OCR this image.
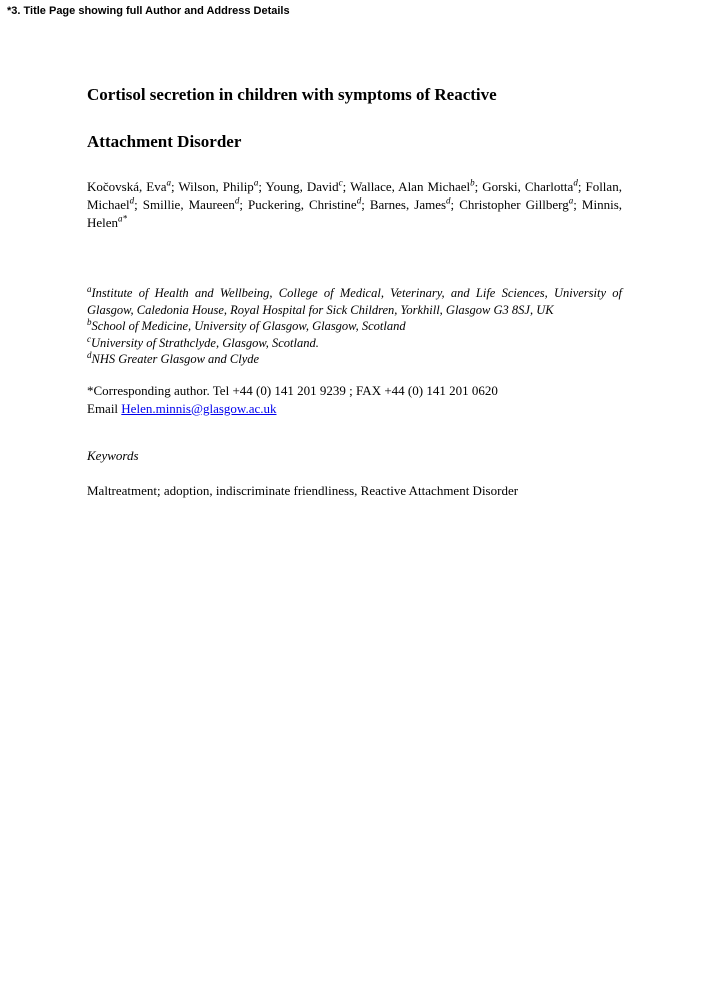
*3. Title Page showing full Author and Address Details

Cortisol secretion in children with symptoms of Reactive

Attachment Disorder

Kočovská, Eva$^a$; Wilson, Philip$^a$; Young, David$^c$; Wallace, Alan Michael$^b$; Gorski, Charlotta$^d$; Follan, Michael$^d$; Smillie, Maureen$^d$; Puckering, Christine$^d$; Barnes, James$^d$; Christopher Gillberg$^a$; Minnis, Helen$^{a*}$

$^a$Institute of Health and Wellbeing, College of Medical, Veterinary, and Life Sciences, University of Glasgow, Caledonia House, Royal Hospital for Sick Children, Yorkhill, Glasgow G3 8SJ, UK
$^b$School of Medicine, University of Glasgow, Glasgow, Scotland
$^c$University of Strathclyde, Glasgow, Scotland.
$^d$NHS Greater Glasgow and Clyde

*Corresponding author. Tel +44 (0) 141 201 9239 ; FAX +44 (0) 141 201 0620

Email Helen.minnis@glasgow.ac.uk

Keywords

Maltreatment; adoption, indiscriminate friendliness, Reactive Attachment Disorder
